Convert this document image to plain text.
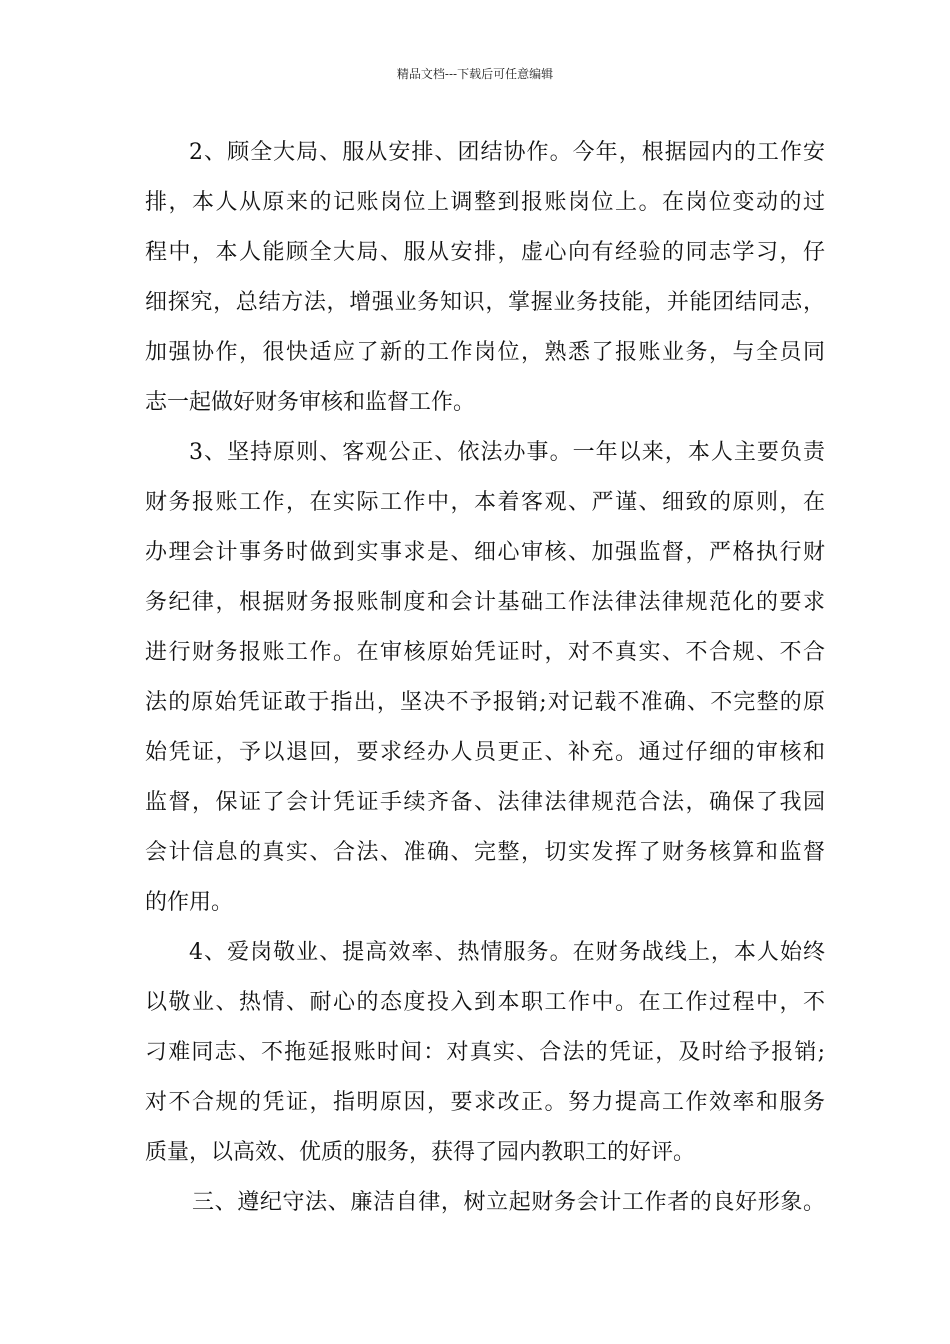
精品文档---下载后可任意编辑
2、顾全大局、服从安排、团结协作。今年，根据园内的工作安
排，本人从原来的记账岗位上调整到报账岗位上。在岗位变动的过
程中，本人能顾全大局、服从安排，虚心向有经验的同志学习，仔
细探究，总结方法，增强业务知识，掌握业务技能，并能团结同志，
加强协作，很快适应了新的工作岗位，熟悉了报账业务，与全员同
志一起做好财务审核和监督工作。
3、坚持原则、客观公正、依法办事。一年以来，本人主要负责
财务报账工作，在实际工作中，本着客观、严谨、细致的原则，在
办理会计事务时做到实事求是、细心审核、加强监督，严格执行财
务纪律，根据财务报账制度和会计基础工作法律法律规范化的要求
进行财务报账工作。在审核原始凭证时，对不真实、不合规、不合
法的原始凭证敢于指出，坚决不予报销;对记载不准确、不完整的原
始凭证，予以退回，要求经办人员更正、补充。通过仔细的审核和
监督，保证了会计凭证手续齐备、法律法律规范合法，确保了我园
会计信息的真实、合法、准确、完整，切实发挥了财务核算和监督
的作用。
4、爱岗敬业、提高效率、热情服务。在财务战线上，本人始终
以敬业、热情、耐心的态度投入到本职工作中。在工作过程中，不
刁难同志、不拖延报账时间：对真实、合法的凭证，及时给予报销;
对不合规的凭证，指明原因，要求改正。努力提高工作效率和服务
质量，以高效、优质的服务，获得了园内教职工的好评。
三、遵纪守法、廉洁自律，树立起财务会计工作者的良好形象。
